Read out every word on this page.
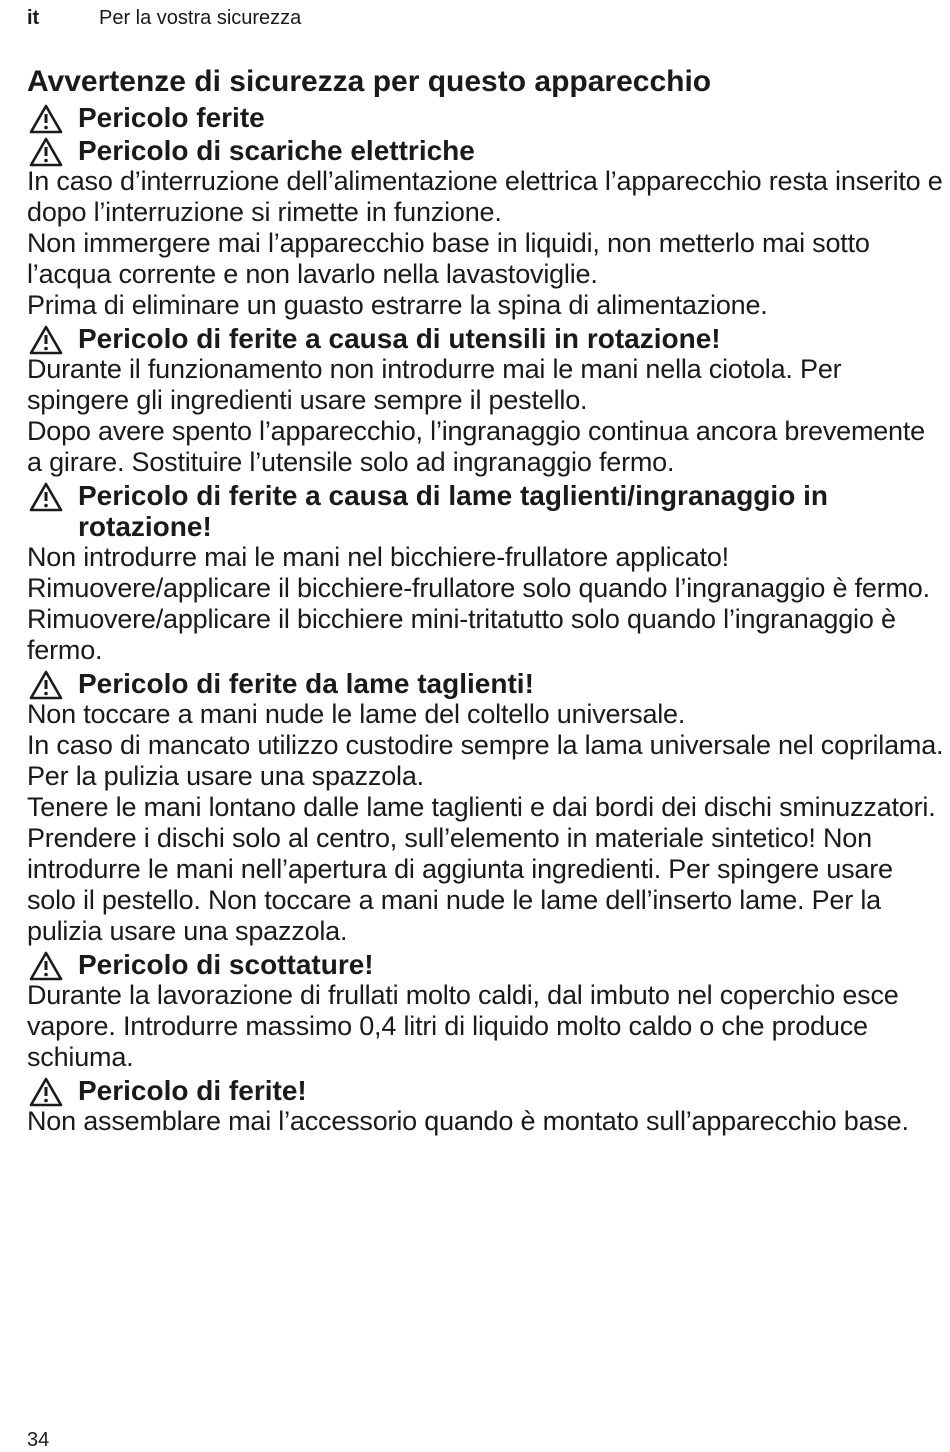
it	Per la vostra sicurezza
Avvertenze di sicurezza per questo apparecchio
Pericolo ferite
Pericolo di scariche elettriche

In caso d’interruzione dell’alimentazione elettrica l’apparecchio resta inserito e dopo l’interruzione si rimette in funzione.

Non immergere mai l’apparecchio base in liquidi, non metterlo mai sotto l’acqua corrente e non lavarlo nella lavastoviglie.

Prima di eliminare un guasto estrarre la spina di alimentazione.

Pericolo di ferite a causa di utensili in rotazione!

Durante il funzionamento non introdurre mai le mani nella ciotola. Per spingere gli ingredienti usare sempre il pestello.

Dopo avere spento l’apparecchio, l’ingranaggio continua ancora brevemente a girare. Sostituire l’utensile solo ad ingranaggio fermo.

Pericolo di ferite a causa di lame taglienti/ingranaggio in rotazione!

Non introdurre mai le mani nel bicchiere-frullatore applicato!

Rimuovere/applicare il bicchiere-frullatore solo quando l’ingranaggio è fermo. Rimuovere/applicare il bicchiere mini-tritatutto solo quando l’ingranaggio è fermo.

Pericolo di ferite da lame taglienti!

Non toccare a mani nude le lame del coltello universale.

In caso di mancato utilizzo custodire sempre la lama universale nel coprilama. Per la pulizia usare una spazzola.

Tenere le mani lontano dalle lame taglienti e dai bordi dei dischi sminuzzatori. Prendere i dischi solo al centro, sull’elemento in materiale sintetico! Non introdurre le mani nell’apertura di aggiunta ingredienti. Per spingere usare solo il pestello. Non toccare a mani nude le lame dell’inserto lame. Per la pulizia usare una spazzola.

Pericolo di scottature!

Durante la lavorazione di frullati molto caldi, dal imbuto nel coperchio esce vapore. Introdurre massimo 0,4 litri di liquido molto caldo o che produce schiuma.

Pericolo di ferite!

Non assemblare mai l’accessorio quando è montato sull’apparecchio base.

34
